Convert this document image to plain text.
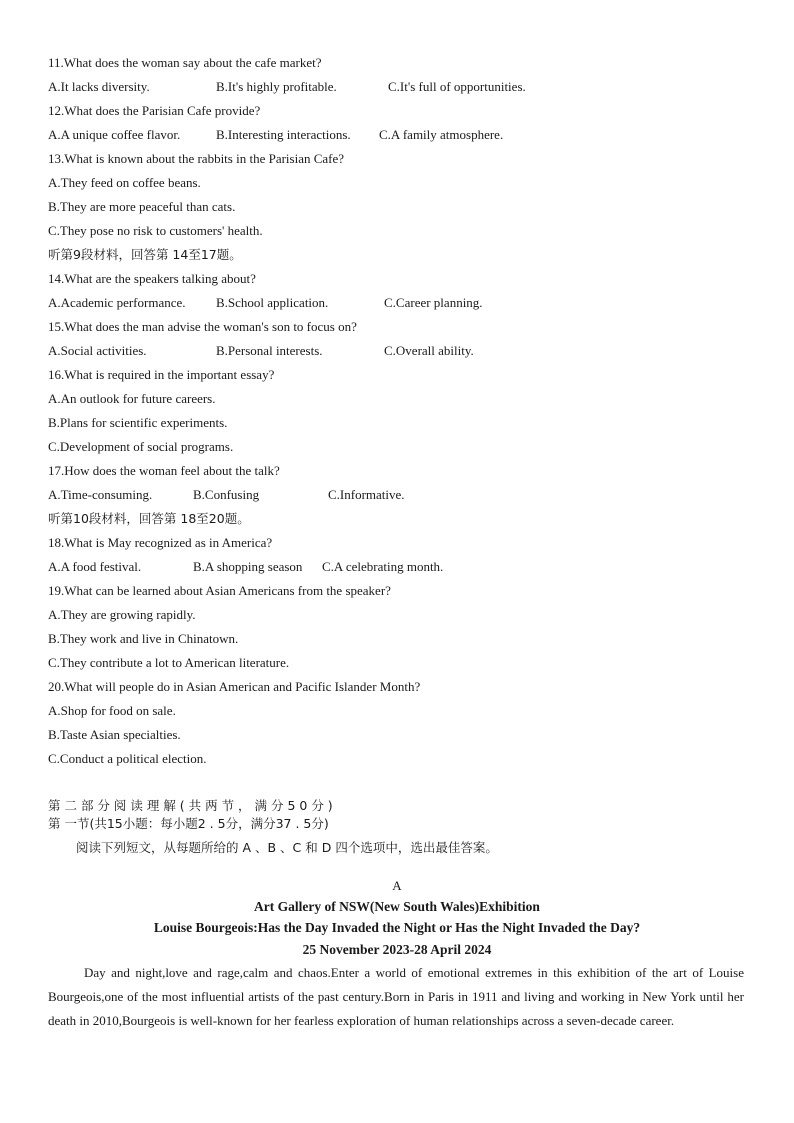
11.What does the woman say about the cafe market?
A.It lacks diversity.	B.It's highly profitable.	C.It's full of opportunities.
12.What does the Parisian Cafe provide?
A.A unique coffee flavor.	B.Interesting interactions. C.A family atmosphere.
13.What is known about the rabbits in the Parisian Cafe?
A.They feed on coffee beans.
B.They are more peaceful than cats.
C.They pose no risk to customers' health.
听第9段材料，回答第 14至17题。
14.What are the speakers talking about?
A.Academic performance. B.School application.	C.Career planning.
15.What does the man advise the woman's son to focus on?
A.Social activities.	B.Personal interests.	C.Overall ability.
16.What is required in the important essay?
A.An outlook for future careers.
B.Plans for scientific experiments.
C.Development of social programs.
17.How does the woman feel about the talk?
A.Time-consuming.	B.Confusing	C.Informative.
听第10段材料，回答第 18至20题。
18.What is May recognized as in America?
A.A food festival.	B.A shopping season C.A celebrating month.
19.What can be learned about Asian Americans from the speaker?
A.They are growing rapidly.
B.They work and live in Chinatown.
C.They contribute a lot to American literature.
20.What will people do in Asian American and Pacific Islander Month?
A.Shop for food on sale.
B.Taste Asian specialties.
C.Conduct a political election.
第 二 部 分 阅 读 理 解 ( 共 两 节 ， 满 分 5 0 分 )
第 一节(共15小题：每小题2 . 5分，满分37 . 5分)
阅读下列短文，从每题所给的 A 、B 、C 和 D 四个选项中，选出最佳答案。
A
Art Gallery of NSW(New South Wales)Exhibition
Louise Bourgeois:Has the Day Invaded the Night or Has the Night Invaded the Day?
25 November 2023-28 April 2024
Day and night,love and rage,calm and chaos.Enter a world of emotional extremes in this exhibition of the art of Louise Bourgeois,one of the most influential artists of the past century.Born in Paris in 1911 and living and working in New York until her death in 2010,Bourgeois is well-known for her fearless exploration of human relationships across a seven-decade career.
